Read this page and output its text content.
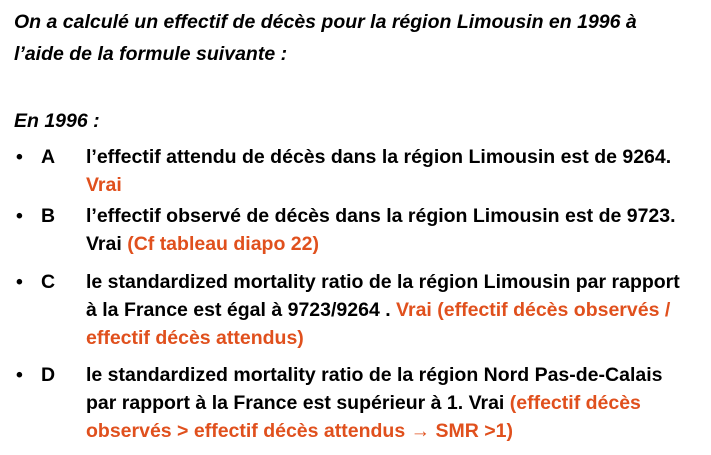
On a calculé un effectif de décès pour la région Limousin en 1996 à
l’aide de la formule suivante :
En 1996 :
• A l’effectif attendu de décès dans la région Limousin est de 9264.
Vrai
• B l’effectif observé de décès dans la région Limousin est de 9723.
Vrai (Cf tableau diapo 22)
• C le standardized mortality ratio de la région Limousin par rapport
à la France est égal à 9723/9264 . Vrai (effectif décès observés /
effectif décès attendus)
• D le standardized mortality ratio de la région Nord Pas-de-Calais
par rapport à la France est supérieur à 1. Vrai (effectif décès
observés > effectif décès attendus → SMR >1)
